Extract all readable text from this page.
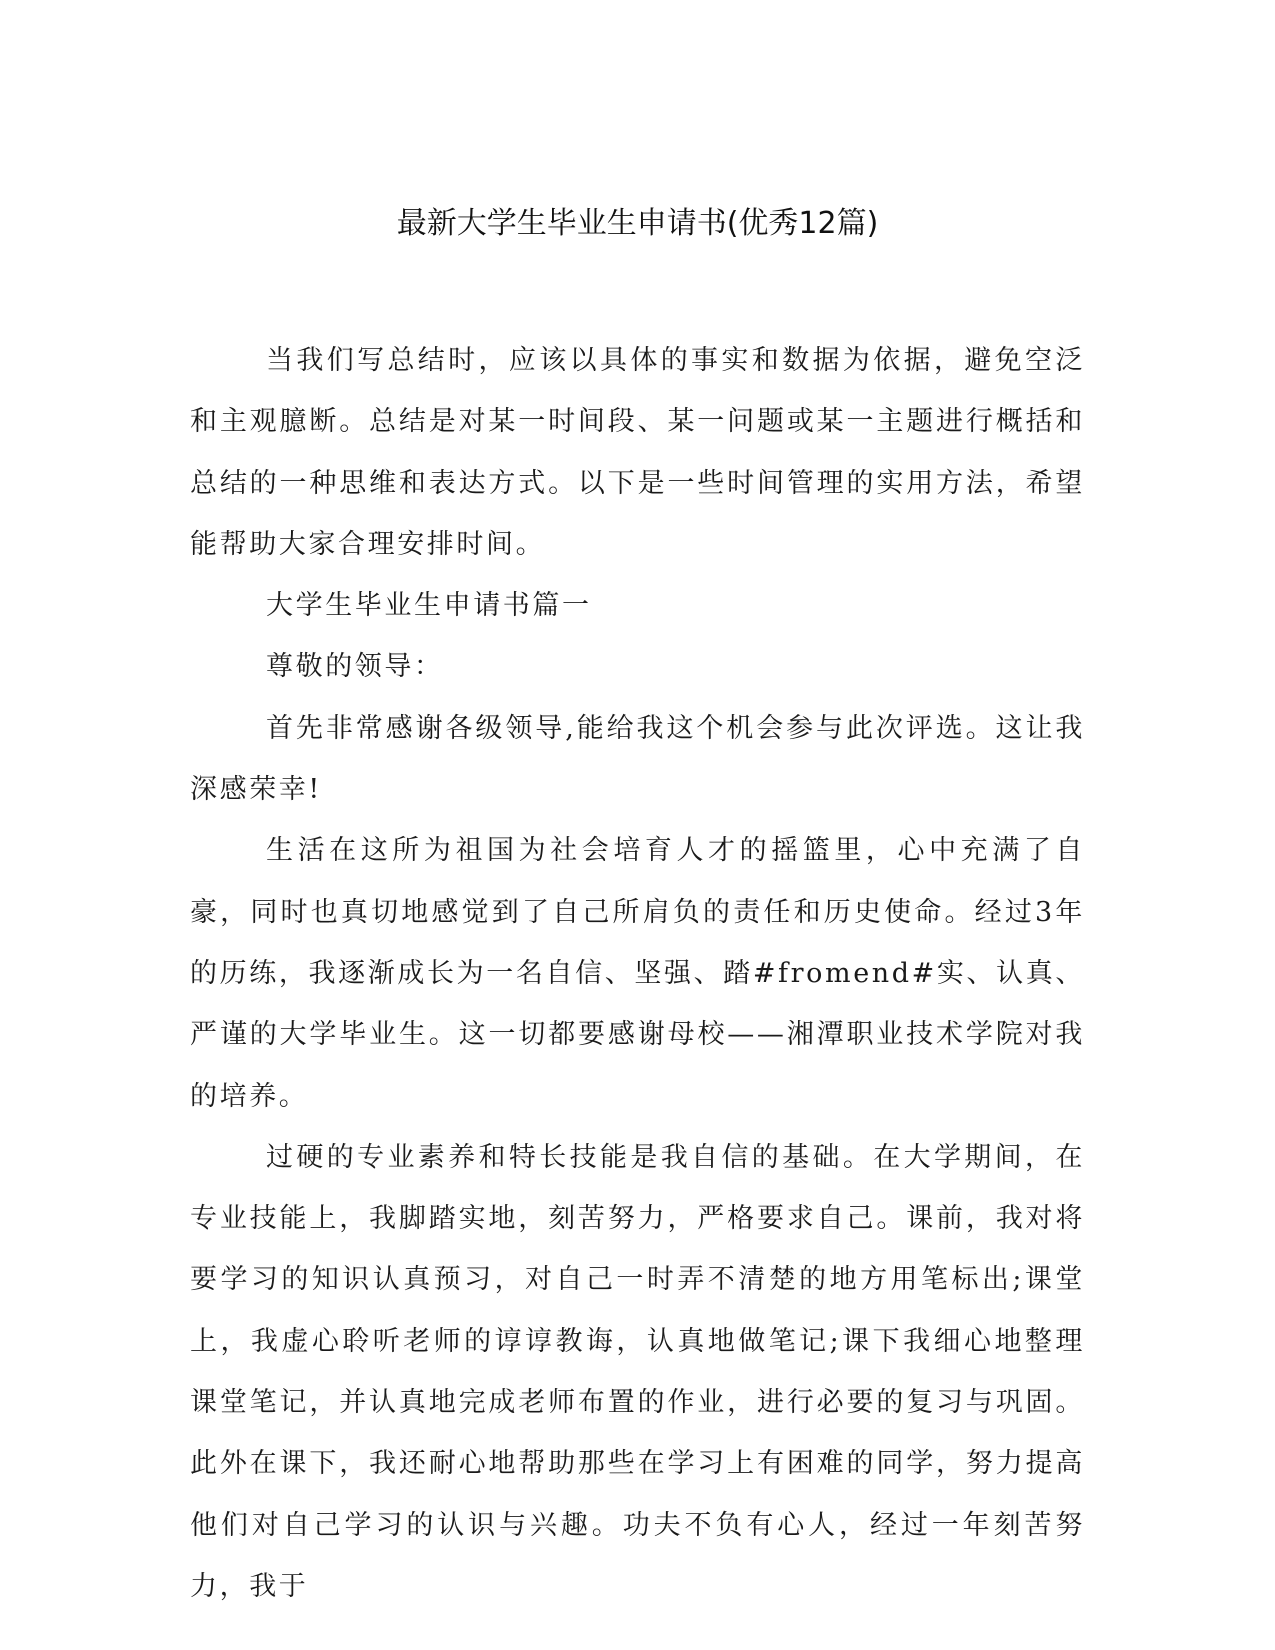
最新大学生毕业生申请书(优秀12篇)

当我们写总结时，应该以具体的事实和数据为依据，避免空泛和主观臆断。总结是对某一时间段、某一问题或某一主题进行概括和总结的一种思维和表达方式。以下是一些时间管理的实用方法，希望能帮助大家合理安排时间。

大学生毕业生申请书篇一

尊敬的领导：

首先非常感谢各级领导,能给我这个机会参与此次评选。这让我深感荣幸!

生活在这所为祖国为社会培育人才的摇篮里，心中充满了自豪，同时也真切地感觉到了自己所肩负的责任和历史使命。经过3年的历练，我逐渐成长为一名自信、坚强、踏#fromend#实、认真、严谨的大学毕业生。这一切都要感谢母校——湘潭职业技术学院对我的培养。

过硬的专业素养和特长技能是我自信的基础。在大学期间，在专业技能上，我脚踏实地，刻苦努力，严格要求自己。课前，我对将要学习的知识认真预习，对自己一时弄不清楚的地方用笔标出;课堂上，我虚心聆听老师的谆谆教诲，认真地做笔记;课下我细心地整理课堂笔记，并认真地完成老师布置的作业，进行必要的复习与巩固。此外在课下，我还耐心地帮助那些在学习上有困难的同学，努力提高他们对自己学习的认识与兴趣。功夫不负有心人，经过一年刻苦努力，我于
